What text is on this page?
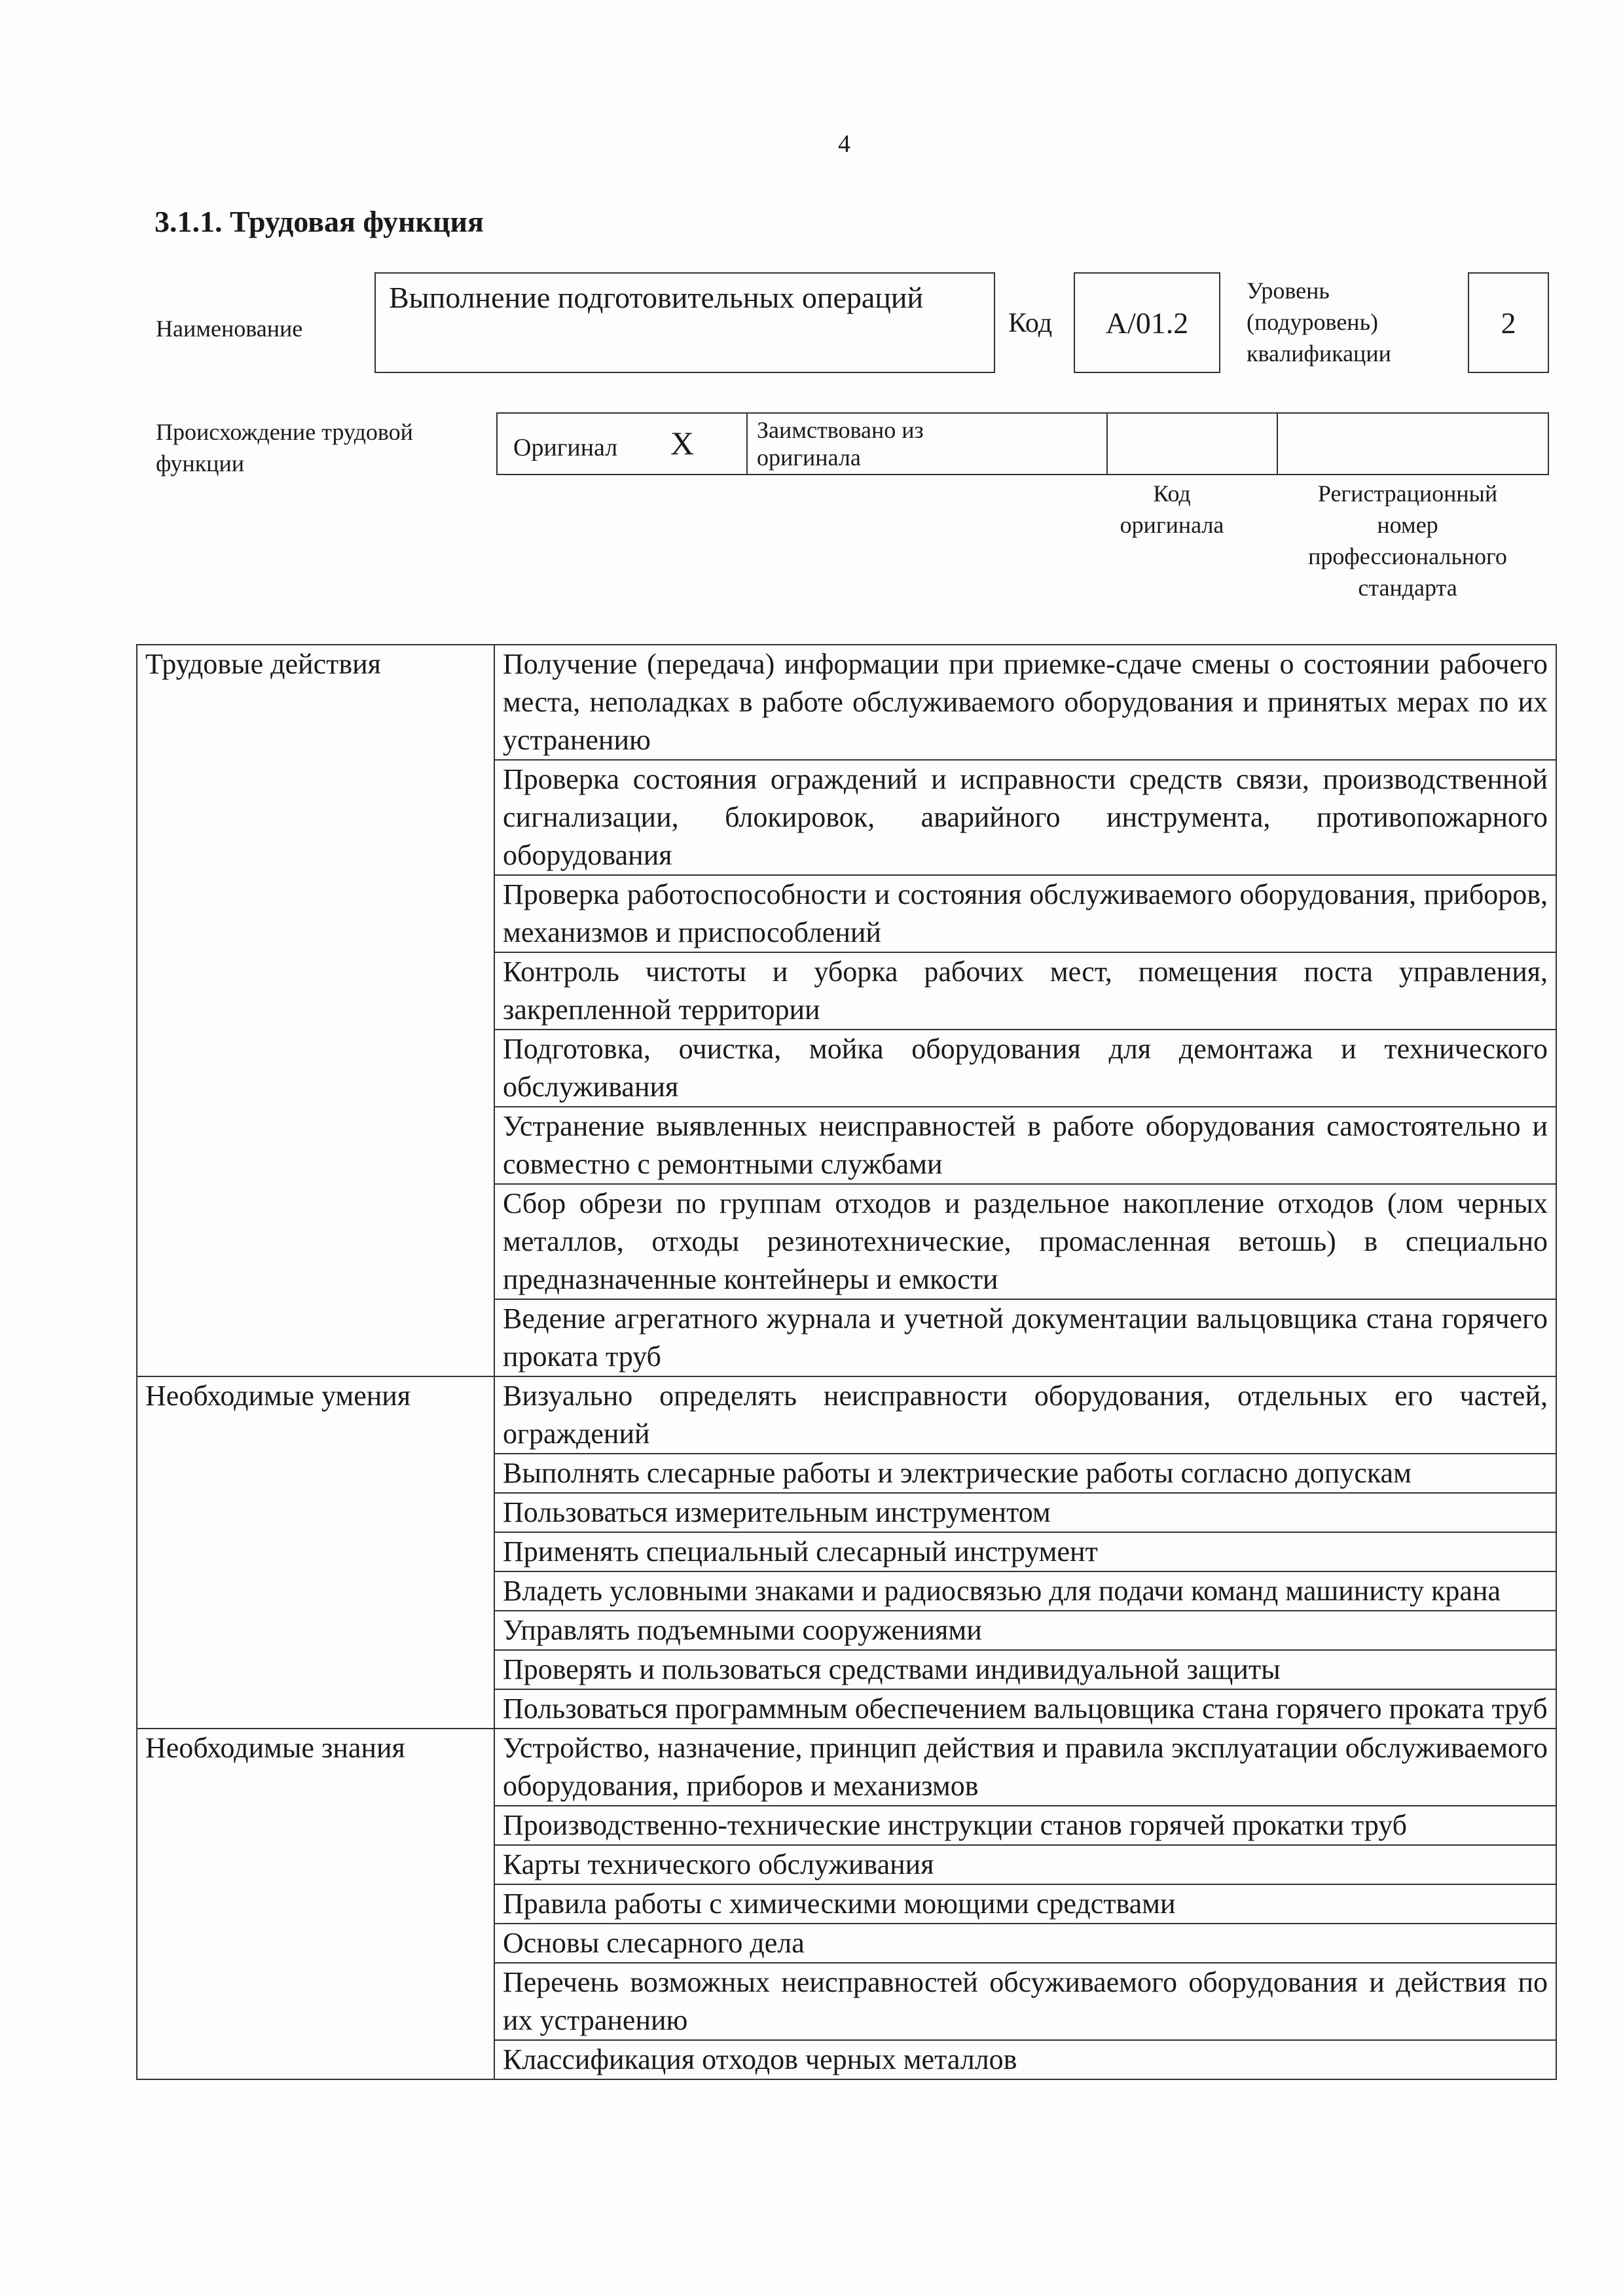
4
3.1.1. Трудовая функция
Наименование
Выполнение подготовительных операций
Код А/01.2
Уровень
(подуровень)
квалификации
2
Происхождение трудовой
функции
Оригинал X	Заимствовано из
оригинала
Код
оригинала
Регистрационный
номер
профессионального
стандарта
Трудовые действия	Получение (передача) информации при приемке-сдаче смены о состоянии рабочего места, неполадках в работе обслуживаемого оборудования и принятых мерах по их устранению
	Проверка состояния ограждений и исправности средств связи, производственной сигнализации, блокировок, аварийного инструмента, противопожарного оборудования
	Проверка работоспособности и состояния обслуживаемого оборудования, приборов, механизмов и приспособлений
	Контроль чистоты и уборка рабочих мест, помещения поста управления, закрепленной территории
	Подготовка, очистка, мойка оборудования для демонтажа и технического обслуживания
	Устранение выявленных неисправностей в работе оборудования самостоятельно и совместно с ремонтными службами
	Сбор обрези по группам отходов и раздельное накопление отходов (лом черных металлов, отходы резинотехнические, промасленная ветошь) в специально предназначенные контейнеры и емкости
	Ведение агрегатного журнала и учетной документации вальцовщика стана горячего проката труб
Необходимые умения	Визуально определять неисправности оборудования, отдельных его частей, ограждений
	Выполнять слесарные работы и электрические работы согласно допускам
	Пользоваться измерительным инструментом
	Применять специальный слесарный инструмент
	Владеть условными знаками и радиосвязью для подачи команд машинисту крана
	Управлять подъемными сооружениями
	Проверять и пользоваться средствами индивидуальной защиты
	Пользоваться программным обеспечением вальцовщика стана горячего проката труб
Необходимые знания	Устройство, назначение, принцип действия и правила эксплуатации обслуживаемого оборудования, приборов и механизмов
	Производственно-технические инструкции станов горячей прокатки труб
	Карты технического обслуживания
	Правила работы с химическими моющими средствами
	Основы слесарного дела
	Перечень возможных неисправностей обсуживаемого оборудования и действия по их устранению
	Классификация отходов черных металлов
